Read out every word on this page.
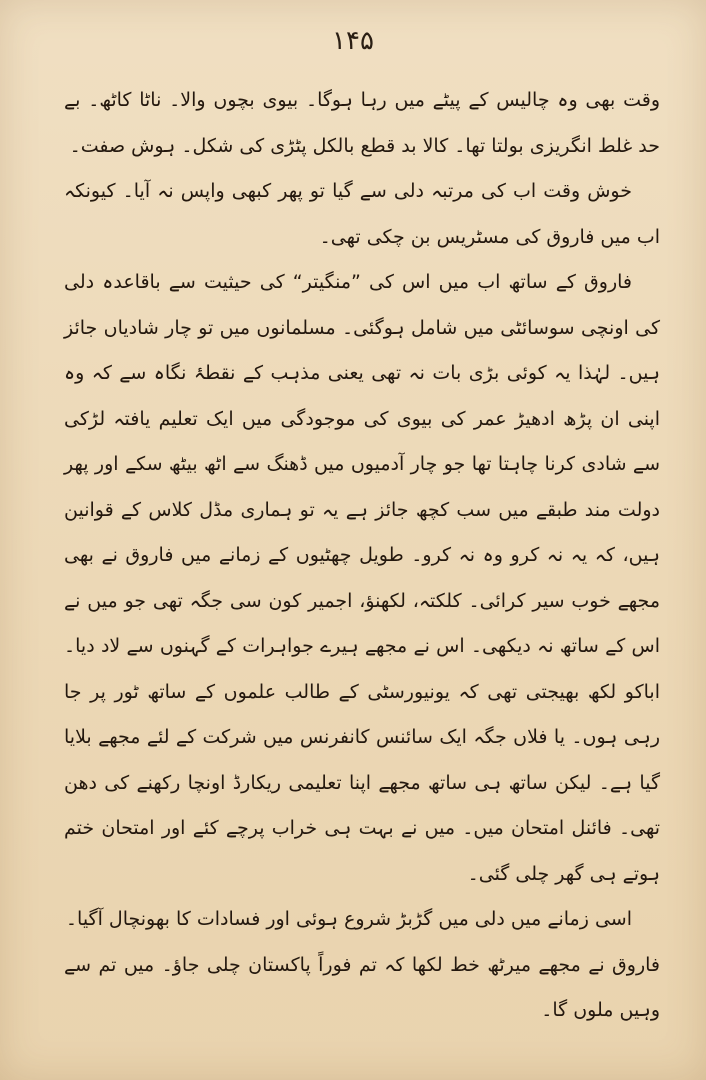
۱۴۵

وقت بھی وہ چالیس کے پیٹے میں رہا ہوگا۔ بیوی بچوں والا۔ ناٹا کاٹھ۔ بے حد غلط انگریزی بولتا تھا۔ کالا بد قطع بالکل پٹڑی کی شکل۔ ہوش صفت۔

خوش وقت اب کی مرتبہ دلی سے گیا تو پھر کبھی واپس نہ آیا۔ کیونکہ اب میں فاروق کی مسٹریس بن چکی تھی۔

فاروق کے ساتھ اب میں اس کی ”منگیتر“ کی حیثیت سے باقاعدہ دلی کی اونچی سوسائٹی میں شامل ہوگئی۔ مسلمانوں میں تو چار شادیاں جائز ہیں۔ لہٰذا یہ کوئی بڑی بات نہ تھی یعنی مذہب کے نقطۂ نگاہ سے کہ وہ اپنی ان پڑھ ادھیڑ عمر کی بیوی کی موجودگی میں ایک تعلیم یافتہ لڑکی سے شادی کرنا چاہتا تھا جو چار آدمیوں میں ڈھنگ سے اٹھ بیٹھ سکے اور پھر دولت مند طبقے میں سب کچھ جائز ہے یہ تو ہماری مڈل کلاس کے قوانین ہیں، کہ یہ نہ کرو وہ نہ کرو۔ طویل چھٹیوں کے زمانے میں فاروق نے بھی مجھے خوب سیر کرائی۔ کلکتہ، لکھنؤ، اجمیر کون سی جگہ تھی جو میں نے اس کے ساتھ نہ دیکھی۔ اس نے مجھے ہیرے جواہرات کے گہنوں سے لاد دیا۔ اباکو لکھ بھیجتی تھی کہ یونیورسٹی کے طالب علموں کے ساتھ ٹور پر جا رہی ہوں۔ یا فلاں جگہ ایک سائنس کانفرنس میں شرکت کے لئے مجھے بلایا گیا ہے۔ لیکن ساتھ ہی ساتھ مجھے اپنا تعلیمی ریکارڈ اونچا رکھنے کی دھن تھی۔ فائنل امتحان میں۔ میں نے بہت ہی خراب پرچے کئے اور امتحان ختم ہوتے ہی گھر چلی گئی۔

اسی زمانے میں دلی میں گڑبڑ شروع ہوئی اور فسادات کا بھونچال آگیا۔

فاروق نے مجھے میرٹھ خط لکھا کہ تم فوراً پاکستان چلی جاؤ۔ میں تم سے وہیں ملوں گا۔
